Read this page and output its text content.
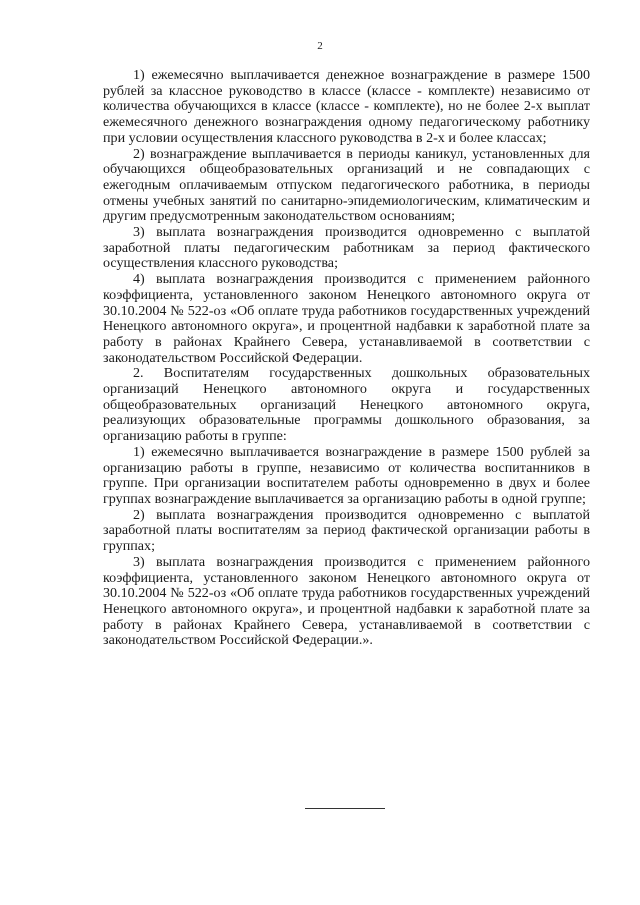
2

1) ежемесячно выплачивается денежное вознаграждение в размере 1500 рублей за классное руководство в классе (классе - комплекте) независимо от количества обучающихся в классе (классе - комплекте), но не более 2-х выплат ежемесячного денежного вознаграждения одному педагогическому работнику при условии осуществления классного руководства в 2-х и более классах;

2) вознаграждение выплачивается в периоды каникул, установленных для обучающихся общеобразовательных организаций и не совпадающих с ежегодным оплачиваемым отпуском педагогического работника, в периоды отмены учебных занятий по санитарно-эпидемиологическим, климатическим и другим предусмотренным законодательством основаниям;

3) выплата вознаграждения производится одновременно с выплатой заработной платы педагогическим работникам за период фактического осуществления классного руководства;

4) выплата вознаграждения производится с применением районного коэффициента, установленного законом Ненецкого автономного округа от 30.10.2004 № 522-оз «Об оплате труда работников государственных учреждений Ненецкого автономного округа», и процентной надбавки к заработной плате за работу в районах Крайнего Севера, устанавливаемой в соответствии с законодательством Российской Федерации.

2. Воспитателям государственных дошкольных образовательных организаций Ненецкого автономного округа и государственных общеобразовательных организаций Ненецкого автономного округа, реализующих образовательные программы дошкольного образования, за организацию работы в группе:

1) ежемесячно выплачивается вознаграждение в размере 1500 рублей за организацию работы в группе, независимо от количества воспитанников в группе. При организации воспитателем работы одновременно в двух и более группах вознаграждение выплачивается за организацию работы в одной группе;

2) выплата вознаграждения производится одновременно с выплатой заработной платы воспитателям за период фактической организации работы в группах;

3) выплата вознаграждения производится с применением районного коэффициента, установленного законом Ненецкого автономного округа от 30.10.2004 № 522-оз «Об оплате труда работников государственных учреждений Ненецкого автономного округа», и процентной надбавки к заработной плате за работу в районах Крайнего Севера, устанавливаемой в соответствии с законодательством Российской Федерации.».
